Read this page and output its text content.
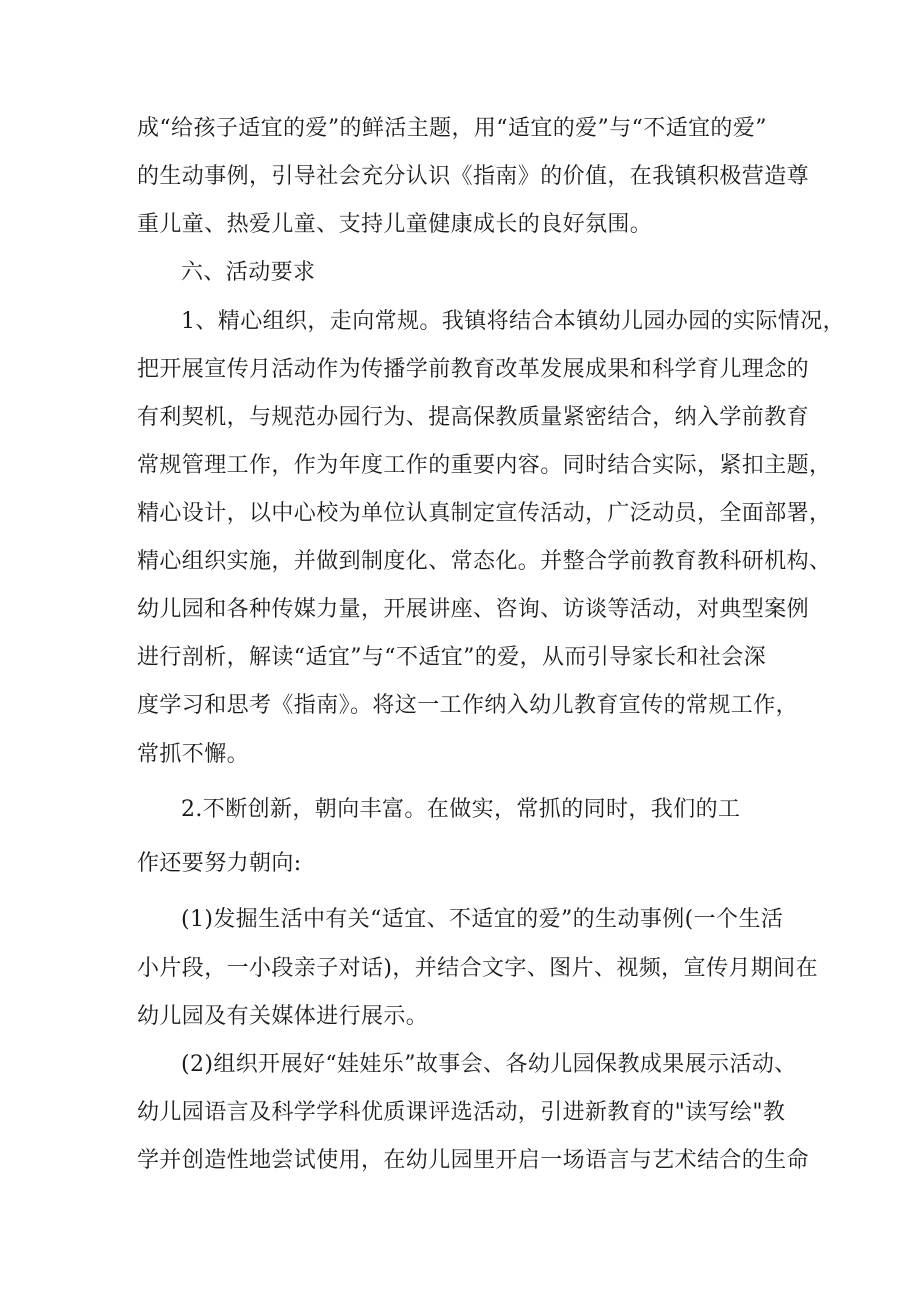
成“给孩子适宜的爱”的鲜活主题，用“适宜的爱”与“不适宜的爱”
的生动事例，引导社会充分认识《指南》的价值，在我镇积极营造尊
重儿童、热爱儿童、支持儿童健康成长的良好氛围。
六、活动要求
1、精心组织，走向常规。我镇将结合本镇幼儿园办园的实际情况，
把开展宣传月活动作为传播学前教育改革发展成果和科学育儿理念的
有利契机，与规范办园行为、提高保教质量紧密结合，纳入学前教育
常规管理工作，作为年度工作的重要内容。同时结合实际，紧扣主题，
精心设计，以中心校为单位认真制定宣传活动，广泛动员，全面部署，
精心组织实施，并做到制度化、常态化。并整合学前教育教科研机构、
幼儿园和各种传媒力量，开展讲座、咨询、访谈等活动，对典型案例
进行剖析，解读“适宜”与“不适宜”的爱，从而引导家长和社会深
度学习和思考《指南》。将这一工作纳入幼儿教育宣传的常规工作，
常抓不懈。
2.不断创新，朝向丰富。在做实，常抓的同时，我们的工
作还要努力朝向:
(1)发掘生活中有关“适宜、不适宜的爱”的生动事例(一个生活
小片段，一小段亲子对话)，并结合文字、图片、视频，宣传月期间在
幼儿园及有关媒体进行展示。
(2)组织开展好“娃娃乐”故事会、各幼儿园保教成果展示活动、
幼儿园语言及科学学科优质课评选活动，引进新教育的"读写绘"教
学并创造性地尝试使用，在幼儿园里开启一场语言与艺术结合的生命
